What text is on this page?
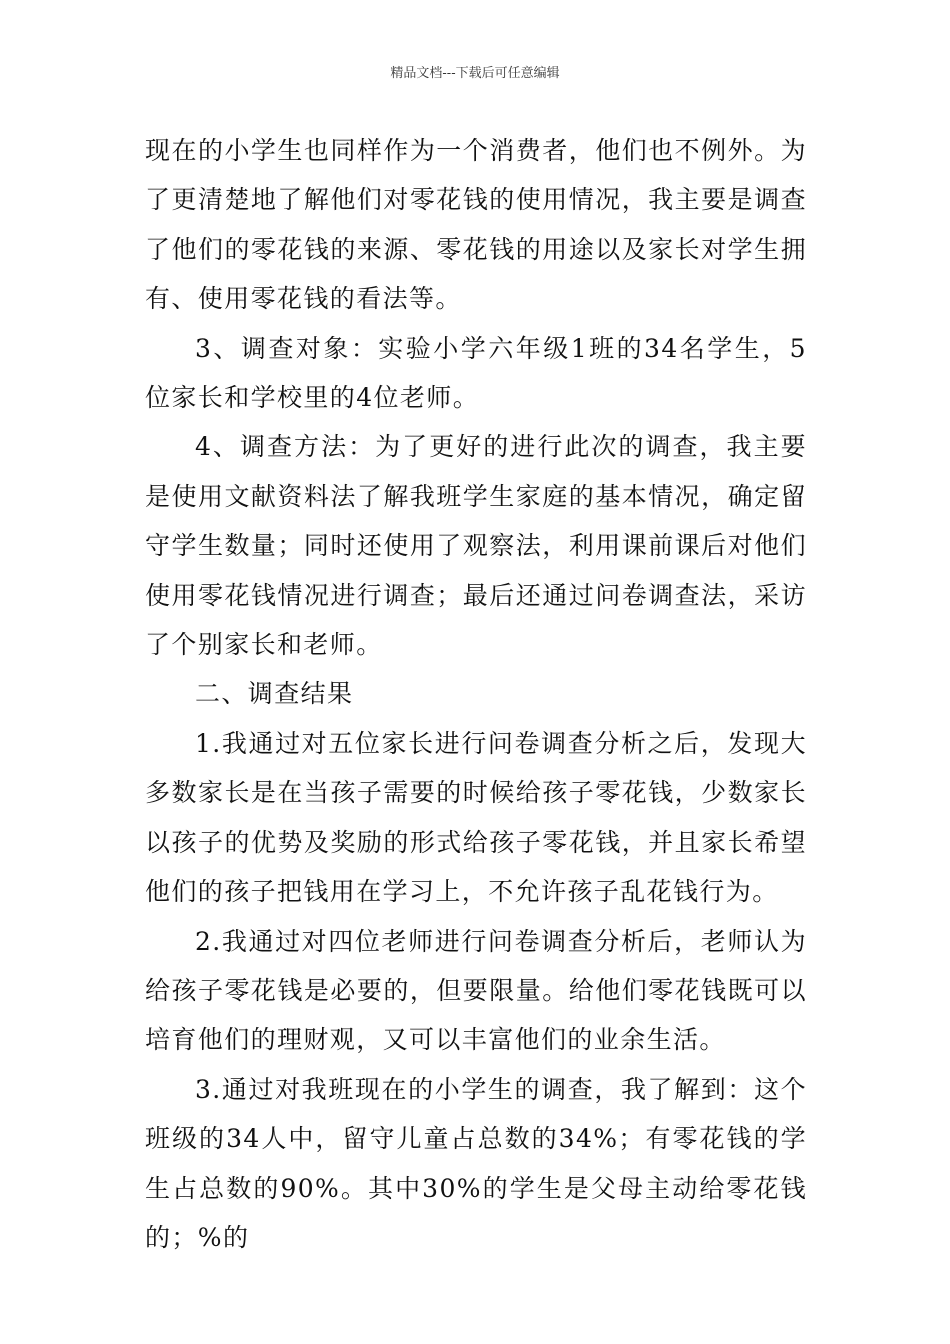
精品文档---下载后可任意编辑

现在的小学生也同样作为一个消费者，他们也不例外。为了更清楚地了解他们对零花钱的使用情况，我主要是调查了他们的零花钱的来源、零花钱的用途以及家长对学生拥有、使用零花钱的看法等。

3、调查对象：实验小学六年级1班的34名学生，5位家长和学校里的4位老师。

4、调查方法：为了更好的进行此次的调查，我主要是使用文献资料法了解我班学生家庭的基本情况，确定留守学生数量；同时还使用了观察法，利用课前课后对他们使用零花钱情况进行调查；最后还通过问卷调查法，采访了个别家长和老师。

二、调查结果

1.我通过对五位家长进行问卷调查分析之后，发现大多数家长是在当孩子需要的时候给孩子零花钱，少数家长以孩子的优势及奖励的形式给孩子零花钱，并且家长希望他们的孩子把钱用在学习上，不允许孩子乱花钱行为。

2.我通过对四位老师进行问卷调查分析后，老师认为给孩子零花钱是必要的，但要限量。给他们零花钱既可以培育他们的理财观，又可以丰富他们的业余生活。

3.通过对我班现在的小学生的调查，我了解到：这个班级的34人中，留守儿童占总数的34%；有零花钱的学生占总数的90%。其中30%的学生是父母主动给零花钱的；%的
